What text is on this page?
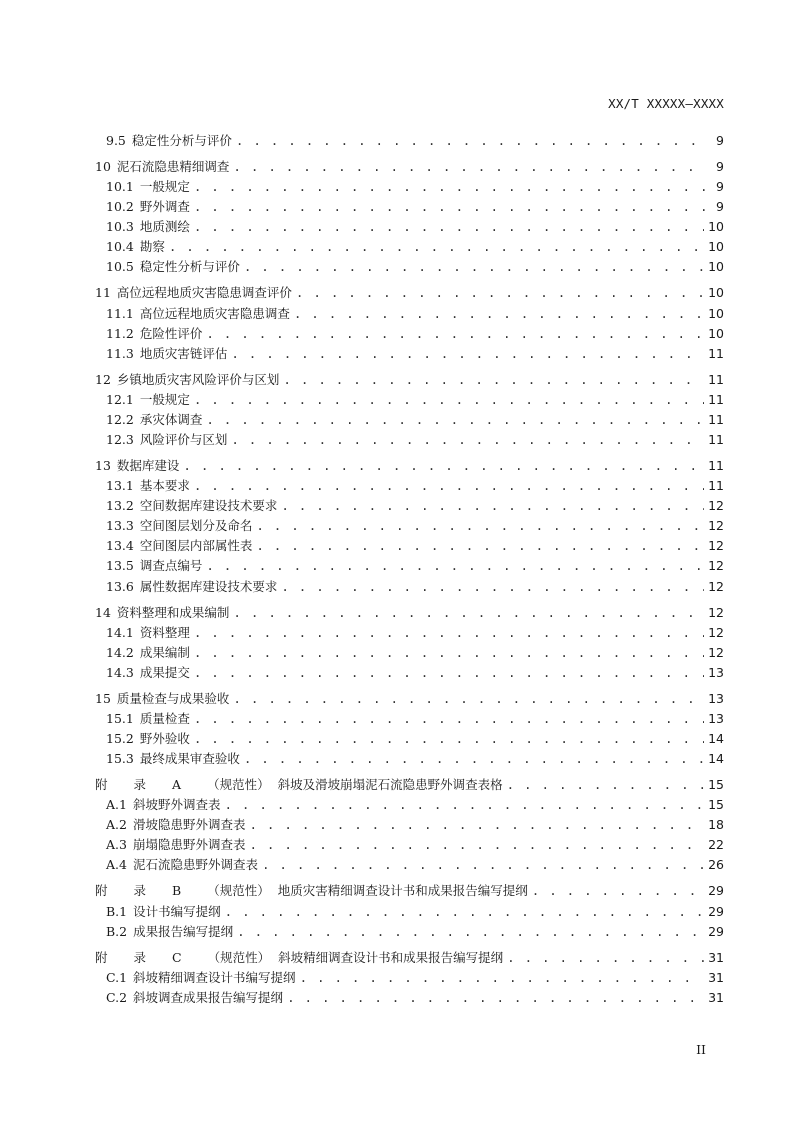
XX/T XXXXX—XXXX
9.5 稳定性分析与评价 . . .	9
10 泥石流隐患精细调查 . . .	9
10.1 一般规定 . . .	9
10.2 野外调查 . . .	9
10.3 地质测绘 . . .	10
10.4 勘察 . . .	10
10.5 稳定性分析与评价 . . .	10
11 高位远程地质灾害隐患调查评价 . . .	10
11.1 高位远程地质灾害隐患调查 . . .	10
11.2 危险性评价 . . .	10
11.3 地质灾害链评估 . . .	11
12 乡镇地质灾害风险评价与区划 . . .	11
12.1 一般规定 . . .	11
12.2 承灾体调查 . . .	11
12.3 风险评价与区划 . . .	11
13 数据库建设 . . .	11
13.1 基本要求 . . .	11
13.2 空间数据库建设技术要求 . . .	12
13.3 空间图层划分及命名 . . .	12
13.4 空间图层内部属性表 . . .	12
13.5 调查点编号 . . .	12
13.6 属性数据库建设技术要求 . . .	12
14 资料整理和成果编制 . . .	12
14.1 资料整理 . . .	12
14.2 成果编制 . . .	12
14.3 成果提交 . . .	13
15 质量检查与成果验收 . . .	13
15.1 质量检查 . . .	13
15.2 野外验收 . . .	14
15.3 最终成果审查验收 . . .	14
附 录 A （规范性） 斜坡及滑坡崩塌泥石流隐患野外调查表格 . . .	15
A.1 斜坡野外调查表 . . .	15
A.2 滑坡隐患野外调查表 . . .	18
A.3 崩塌隐患野外调查表 . . .	22
A.4 泥石流隐患野外调查表 . . .	26
附 录 B （规范性） 地质灾害精细调查设计书和成果报告编写提纲 . . .	29
B.1 设计书编写提纲 . . .	29
B.2 成果报告编写提纲 . . .	29
附 录 C （规范性） 斜坡精细调查设计书和成果报告编写提纲 . . .	31
C.1 斜坡精细调查设计书编写提纲 . . .	31
C.2 斜坡调查成果报告编写提纲 . . .	31
II
